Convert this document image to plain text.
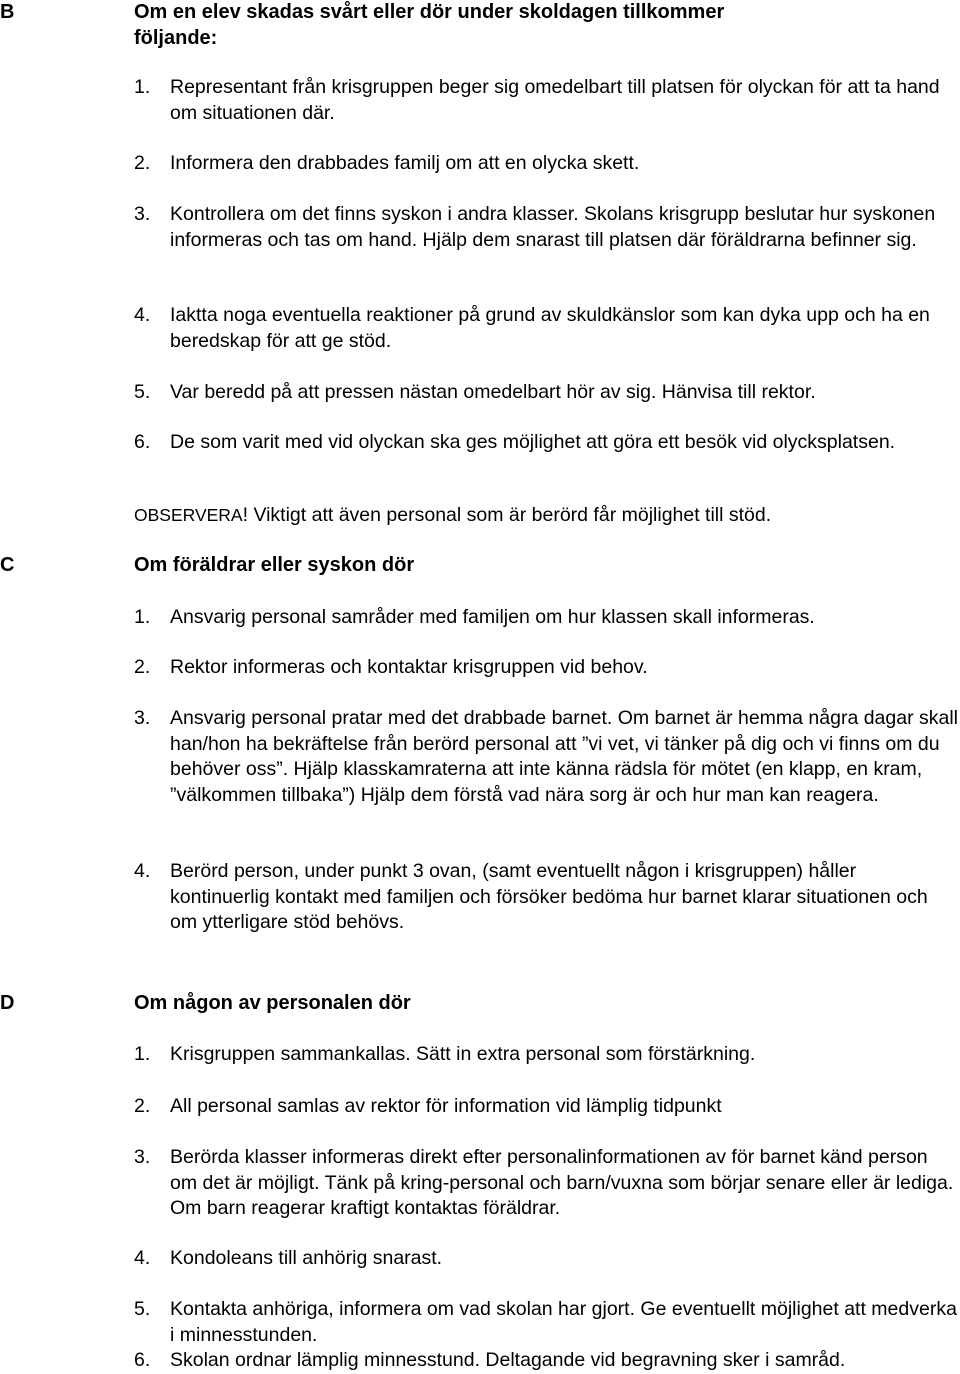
B	Om en elev skadas svårt eller dör under skoldagen tillkommer
följande:
1.	Representant från krisgruppen beger sig omedelbart till platsen för olyckan för att ta hand om situationen där.
2.	Informera den drabbades familj om att en olycka skett.
3.	Kontrollera om det finns syskon i andra klasser. Skolans krisgrupp beslutar hur syskonen informeras och tas om hand. Hjälp dem snarast till platsen där föräldrarna befinner sig.
4.	Iaktta noga eventuella reaktioner på grund av skuldkänslor som kan dyka upp och ha en beredskap för att ge stöd.
5.	Var beredd på att pressen nästan omedelbart hör av sig. Hänvisa till rektor.
6.	De som varit med vid olyckan ska ges möjlighet att göra ett besök vid olycksplatsen.
OBSERVERA! Viktigt att även personal som är berörd får möjlighet till stöd.
C	Om föräldrar eller syskon dör
1.	Ansvarig personal samråder med familjen om hur klassen skall informeras.
2.	Rektor informeras och kontaktar krisgruppen vid behov.
3.	Ansvarig personal pratar med det drabbade barnet. Om barnet är hemma några dagar skall han/hon ha bekräftelse från berörd personal att ”vi vet, vi tänker på dig och vi finns om du behöver oss”. Hjälp klasskamraterna att inte känna rädsla för mötet (en klapp, en kram, ”välkommen tillbaka”) Hjälp dem förstå vad nära sorg är och hur man kan reagera.
4.	Berörd person, under punkt 3 ovan, (samt eventuellt någon i krisgruppen) håller kontinuerlig kontakt med familjen och försöker bedöma hur barnet klarar situationen och om ytterligare stöd behövs.
D	Om någon av personalen dör
1.	Krisgruppen sammankallas. Sätt in extra personal som förstärkning.
2.	All personal samlas av rektor för information vid lämplig tidpunkt
3.	Berörda klasser informeras direkt efter personalinformationen av för barnet känd person om det är möjligt. Tänk på kring-personal och barn/vuxna som börjar senare eller är lediga. Om barn reagerar kraftigt kontaktas föräldrar.
4.	Kondoleans till anhörig snarast.
5.	Kontakta anhöriga, informera om vad skolan har gjort. Ge eventuellt möjlighet att medverka i minnesstunden.
6.	Skolan ordnar lämplig minnesstund. Deltagande vid begravning sker i samråd.
